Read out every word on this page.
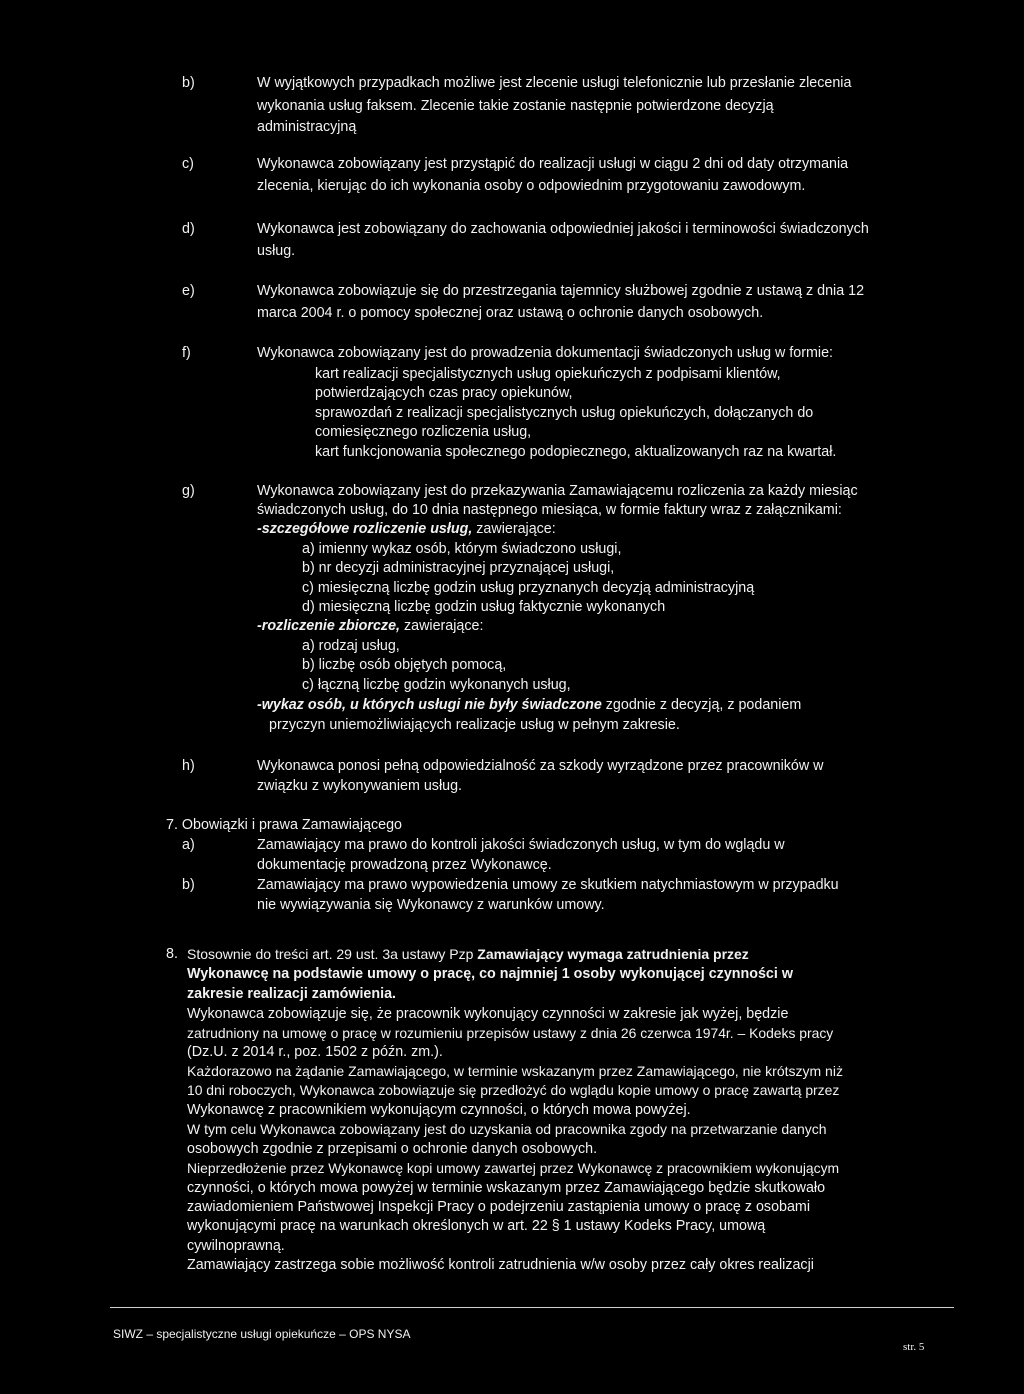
b)	W wyjątkowych przypadkach możliwe jest zlecenie usługi telefonicznie lub przesłanie zlecenia
wykonania usług faksem. Zlecenie takie zostanie następnie potwierdzone decyzją
administracyjną
c)	Wykonawca zobowiązany jest przystąpić do realizacji usługi w ciągu 2 dni od daty otrzymania
zlecenia, kierując do ich wykonania osoby o odpowiednim przygotowaniu zawodowym.
d)	Wykonawca jest zobowiązany do zachowania odpowiedniej jakości i terminowości świadczonych
usług.
e)	Wykonawca zobowiązuje się do przestrzegania tajemnicy służbowej zgodnie z ustawą z dnia 12
marca 2004 r. o pomocy społecznej oraz ustawą o ochronie danych osobowych.
f)	Wykonawca zobowiązany jest do prowadzenia dokumentacji świadczonych usług w formie:
kart realizacji specjalistycznych usług opiekuńczych z podpisami klientów,
potwierdzających czas pracy opiekunów,
sprawozdań z realizacji specjalistycznych usług opiekuńczych, dołączanych do
comiesięcznego rozliczenia usług,
kart funkcjonowania społecznego podopiecznego, aktualizowanych raz na kwartał.
g)	Wykonawca zobowiązany jest do przekazywania Zamawiającemu rozliczenia za każdy miesiąc
świadczonych usług, do 10 dnia następnego miesiąca, w formie faktury wraz z załącznikami:
-szczegółowe rozliczenie usług, zawierające:
a) imienny wykaz osób, którym świadczono usługi,
b) nr decyzji administracyjnej przyznającej usługi,
c) miesięczną liczbę godzin usług przyznanych decyzją administracyjną
d) miesięczną liczbę godzin usług faktycznie wykonanych
-rozliczenie zbiorcze, zawierające:
a) rodzaj usług,
b) liczbę osób objętych pomocą,
c) łączną liczbę godzin wykonanych usług,
-wykaz osób, u których usługi nie były świadczone zgodnie z decyzją, z podaniem
przyczyn uniemożliwiających realizacje usług w pełnym zakresie.
h)	Wykonawca ponosi pełną odpowiedzialność za szkody wyrządzone przez pracowników w
związku z wykonywaniem usług.
7. Obowiązki i prawa Zamawiającego
a)	Zamawiający ma prawo do kontroli jakości świadczonych usług, w tym do wglądu w
dokumentację prowadzoną przez Wykonawcę.
b)	Zamawiający ma prawo wypowiedzenia umowy ze skutkiem natychmiastowym w przypadku
nie wywiązywania się Wykonawcy z warunków umowy.
8. Stosownie do treści art. 29 ust. 3a ustawy Pzp Zamawiający wymaga zatrudnienia przez
Wykonawcę na podstawie umowy o pracę, co najmniej 1 osoby wykonującej czynności w
zakresie realizacji zamówienia.
Wykonawca zobowiązuje się, że pracownik wykonujący czynności w zakresie jak wyżej, będzie
zatrudniony na umowę o pracę w rozumieniu przepisów ustawy z dnia 26 czerwca 1974r. – Kodeks pracy
(Dz.U. z 2014 r., poz. 1502 z późn. zm.).
Każdorazowo na żądanie Zamawiającego, w terminie wskazanym przez Zamawiającego, nie krótszym niż
10 dni roboczych, Wykonawca zobowiązuje się przedłożyć do wglądu kopie umowy o pracę zawartą przez
Wykonawcę z pracownikiem wykonującym czynności, o których mowa powyżej.
W tym celu Wykonawca zobowiązany jest do uzyskania od pracownika zgody na przetwarzanie danych
osobowych zgodnie z przepisami o ochronie danych osobowych.
Nieprzedłożenie przez Wykonawcę kopi umowy zawartej przez Wykonawcę z pracownikiem wykonującym
czynności, o których mowa powyżej w terminie wskazanym przez Zamawiającego będzie skutkowało
zawiadomieniem Państwowej Inspekcji Pracy o podejrzeniu zastąpienia umowy o pracę z osobami
wykonującymi pracę na warunkach określonych w art. 22 § 1 ustawy Kodeks Pracy, umową
cywilnoprawną.
Zamawiający zastrzega sobie możliwość kontroli zatrudnienia w/w osoby przez cały okres realizacji
SIWZ – specjalistyczne usługi opiekuńcze – OPS NYSA
str. 5
